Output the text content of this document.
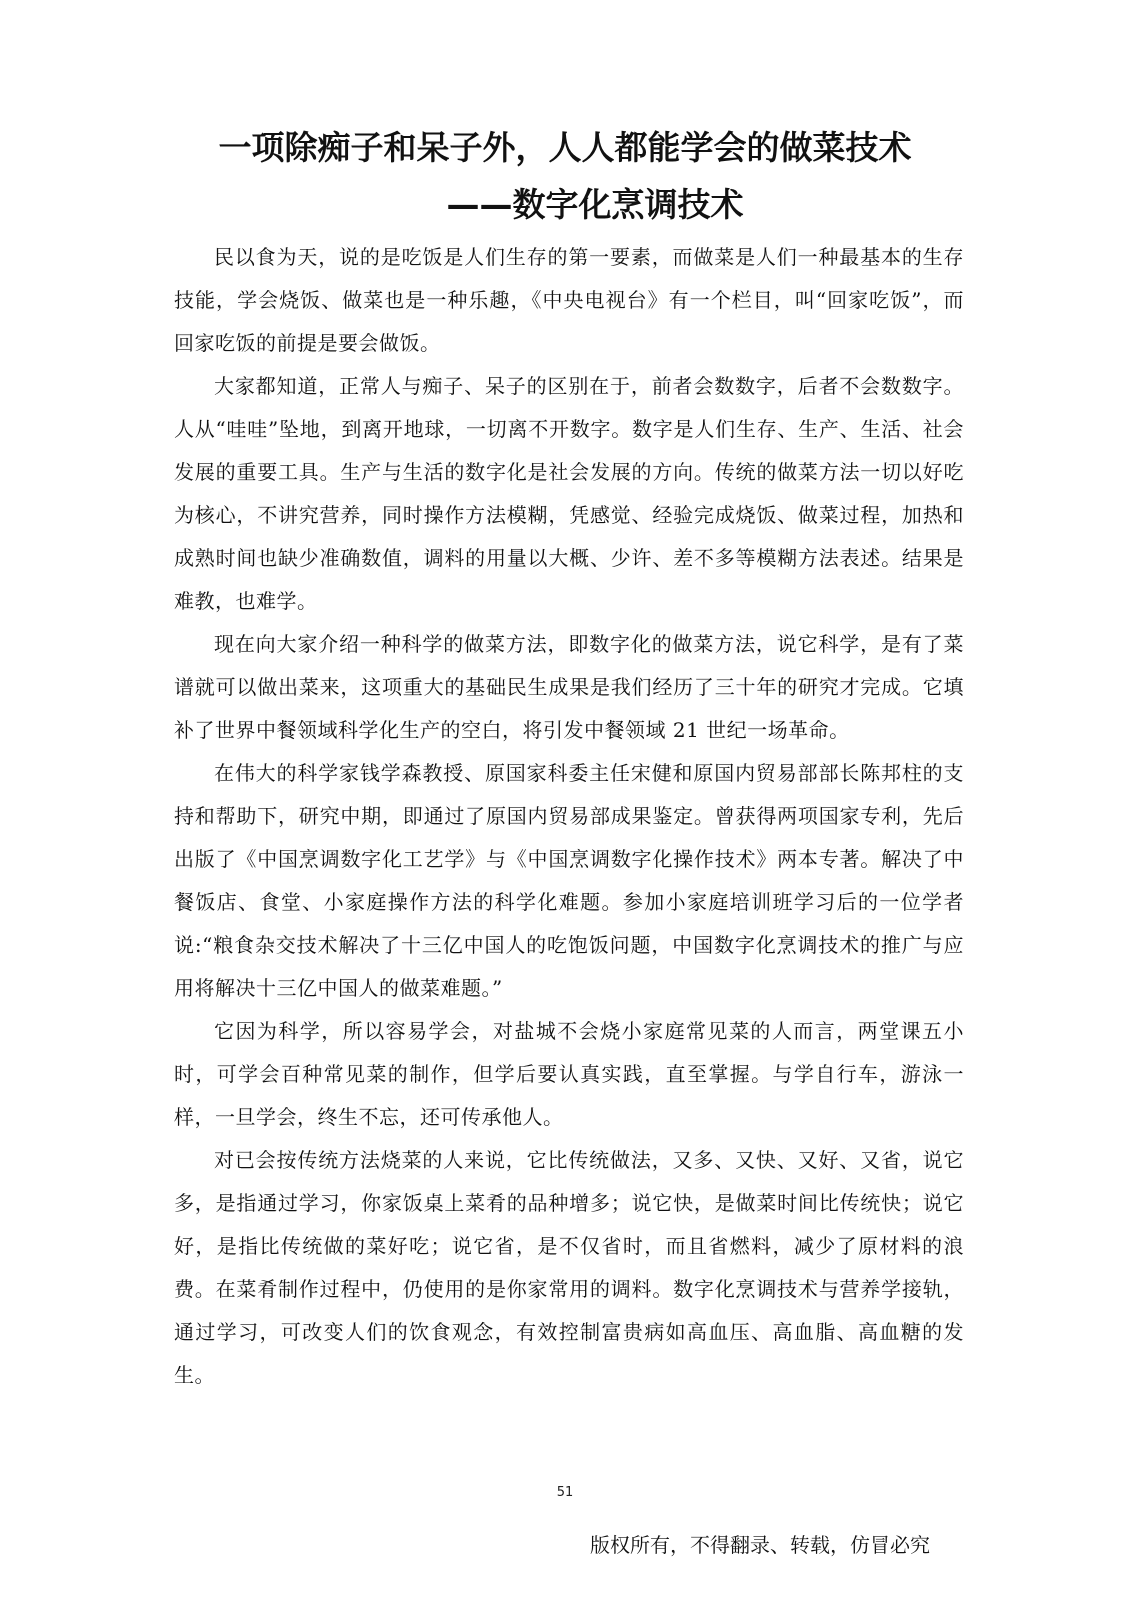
一项除痴子和呆子外，人人都能学会的做菜技术
——数字化烹调技术

民以食为天，说的是吃饭是人们生存的第一要素，而做菜是人们一种最基本的生存技能，学会烧饭、做菜也是一种乐趣，《中央电视台》有一个栏目，叫“回家吃饭”，而回家吃饭的前提是要会做饭。

大家都知道，正常人与痴子、呆子的区别在于，前者会数数字，后者不会数数字。人从“哇哇”坠地，到离开地球，一切离不开数字。数字是人们生存、生产、生活、社会发展的重要工具。生产与生活的数字化是社会发展的方向。传统的做菜方法一切以好吃为核心，不讲究营养，同时操作方法模糊，凭感觉、经验完成烧饭、做菜过程，加热和成熟时间也缺少准确数值，调料的用量以大概、少许、差不多等模糊方法表述。结果是难教，也难学。

现在向大家介绍一种科学的做菜方法，即数字化的做菜方法，说它科学，是有了菜谱就可以做出菜来，这项重大的基础民生成果是我们经历了三十年的研究才完成。它填补了世界中餐领域科学化生产的空白，将引发中餐领域 21 世纪一场革命。

在伟大的科学家钱学森教授、原国家科委主任宋健和原国内贸易部部长陈邦柱的支持和帮助下，研究中期，即通过了原国内贸易部成果鉴定。曾获得两项国家专利，先后出版了《中国烹调数字化工艺学》与《中国烹调数字化操作技术》两本专著。解决了中餐饭店、食堂、小家庭操作方法的科学化难题。参加小家庭培训班学习后的一位学者说:“粮食杂交技术解决了十三亿中国人的吃饱饭问题，中国数字化烹调技术的推广与应用将解决十三亿中国人的做菜难题。”

它因为科学，所以容易学会，对盐城不会烧小家庭常见菜的人而言，两堂课五小时，可学会百种常见菜的制作，但学后要认真实践，直至掌握。与学自行车，游泳一样，一旦学会，终生不忘，还可传承他人。

对已会按传统方法烧菜的人来说，它比传统做法，又多、又快、又好、又省，说它多，是指通过学习，你家饭桌上菜肴的品种增多；说它快，是做菜时间比传统快；说它好，是指比传统做的菜好吃；说它省，是不仅省时，而且省燃料，减少了原材料的浪费。在菜肴制作过程中，仍使用的是你家常用的调料。数字化烹调技术与营养学接轨，通过学习，可改变人们的饮食观念，有效控制富贵病如高血压、高血脂、高血糖的发生。

51
版权所有，不得翻录、转载，仿冒必究
